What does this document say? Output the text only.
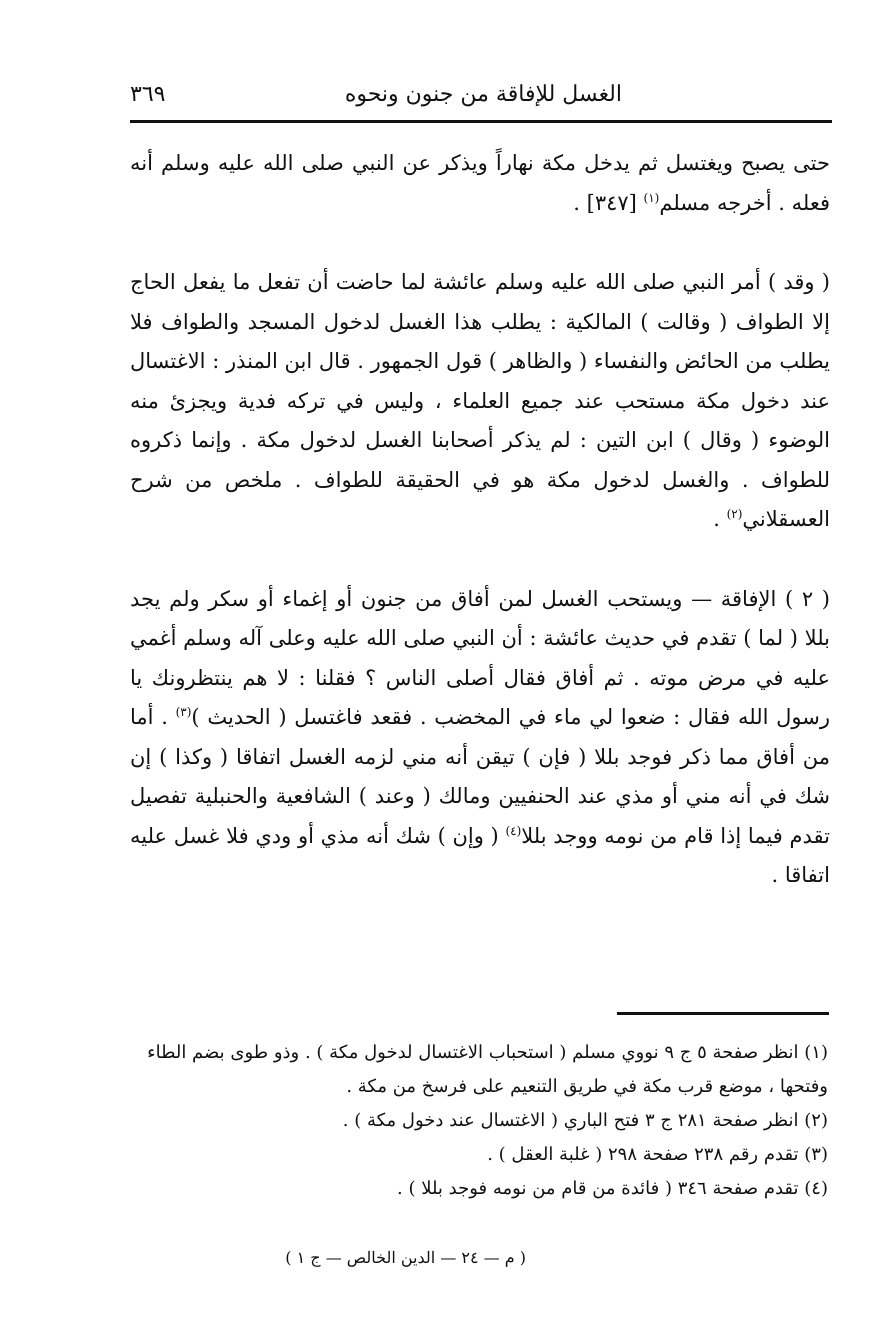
الغسل للإفاقة من جنون ونحوه
٣٦٩

حتى يصبح ويغتسل ثم يدخل مكة نهاراً ويذكر عن النبي صلى الله عليه وسلم أنه فعله . أخرجه مسلم$^{(١)}$ [٣٤٧] .

( وقد ) أمر النبي صلى الله عليه وسلم عائشة لما حاضت أن تفعل ما يفعل الحاج إلا الطواف ( وقالت ) المالكية : يطلب هذا الغسل لدخول المسجد والطواف فلا يطلب من الحائض والنفساء ( والظاهر ) قول الجمهور . قال ابن المنذر : الاغتسال عند دخول مكة مستحب عند جميع العلماء ، وليس في تركه فدية ويجزئ منه الوضوء ( وقال ) ابن التين : لم يذكر أصحابنا الغسل لدخول مكة . وإنما ذكروه للطواف . والغسل لدخول مكة هو في الحقيقة للطواف . ملخص من شرح العسقلاني$^{(٢)}$ .

( ٢ ) الإفاقة — ويستحب الغسل لمن أفاق من جنون أو إغماء أو سكر ولم يجد بللا ( لما ) تقدم في حديث عائشة : أن النبي صلى الله عليه وعلى آله وسلم أغمي عليه في مرض موته . ثم أفاق فقال أصلى الناس ؟ فقلنا : لا هم ينتظرونك يا رسول الله فقال : ضعوا لي ماء في المخضب . فقعد فاغتسل ( الحديث )$^{(٣)}$ . أما من أفاق مما ذكر فوجد بللا ( فإن ) تيقن أنه مني لزمه الغسل اتفاقا ( وكذا ) إن شك في أنه مني أو مذي عند الحنفيين ومالك ( وعند ) الشافعية والحنبلية تفصيل تقدم فيما إذا قام من نومه ووجد بللا$^{(٤)}$ ( وإن ) شك أنه مذي أو ودي فلا غسل عليه اتفاقا .

(١) انظر صفحة ٥ ج ٩ نووي مسلم ( استحباب الاغتسال لدخول مكة ) . وذو طوى بضم الطاء وفتحها ، موضع قرب مكة في طريق التنعيم على فرسخ من مكة .

(٢) انظر صفحة ٢٨١ ج ٣ فتح الباري ( الاغتسال عند دخول مكة ) .

(٣) تقدم رقم ٢٣٨ صفحة ٢٩٨ ( غلبة العقل ) .

(٤) تقدم صفحة ٣٤٦ ( فائدة من قام من نومه فوجد بللا ) .

( م — ٢٤ — الدين الخالص — ج ١ )
